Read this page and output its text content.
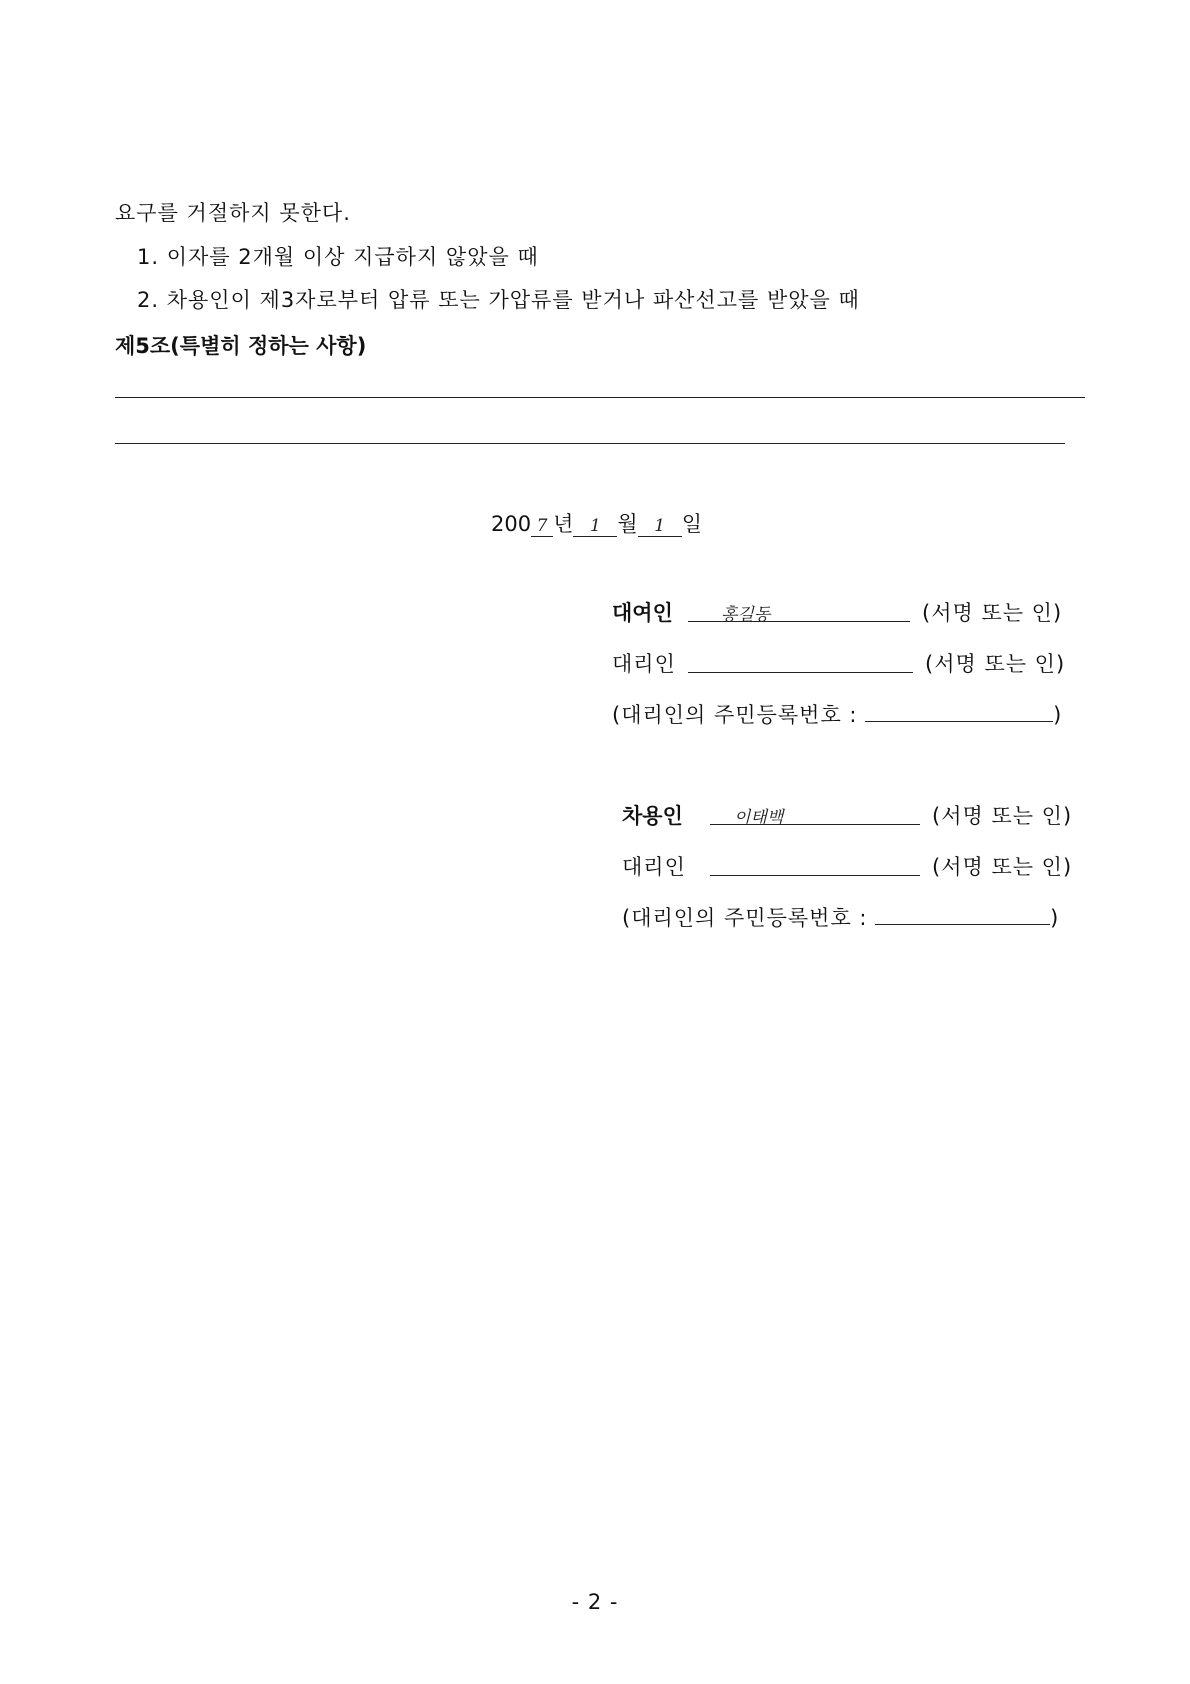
요구를 거절하지 못한다.
1. 이자를 2개월 이상 지급하지 않았을 때
2. 차용인이 제3자로부터 압류 또는 가압류를 받거나 파산선고를 받았을 때
제5조(특별히 정하는 사항)
200 7 년 1 월 1 일
대여인	홍길동	(서명 또는 인)
대리인	(서명 또는 인)
(대리인의 주민등록번호 :	)
차용인	이태백	(서명 또는 인)
대리인	(서명 또는 인)
(대리인의 주민등록번호 :	)
- 2 -
